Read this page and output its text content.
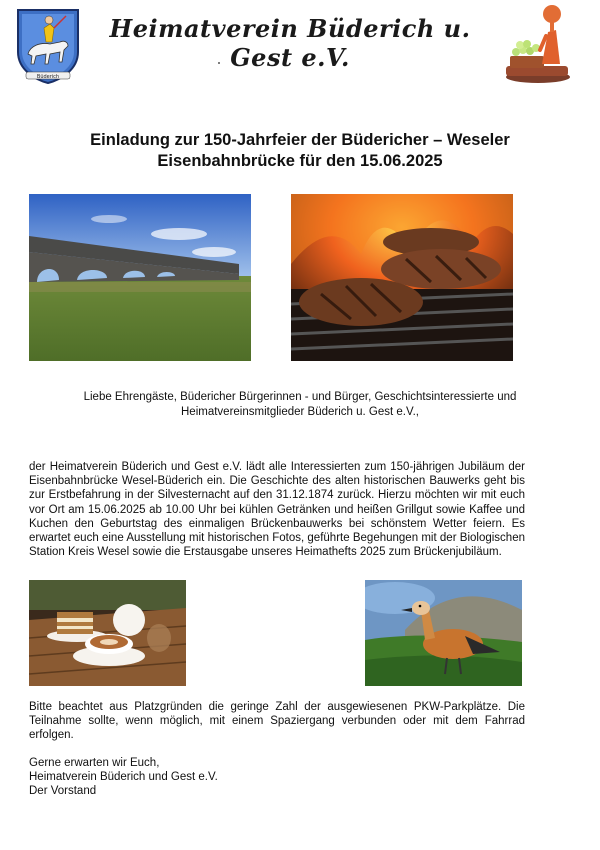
Büderich
Heimatverein Büderich u. Gest e.V.
Einladung zur 150-Jahrfeier der Büdericher – Weseler
Eisenbahnbrücke für den 15.06.2025
Liebe Ehrengäste, Büdericher Bürgerinnen - und Bürger, Geschichtsinteressierte und
Heimatvereinsmitglieder Büderich u. Gest e.V.,

der Heimatverein Büderich und Gest e.V. lädt alle Interessierten zum 150-jährigen Jubiläum der Eisenbahnbrücke Wesel-Büderich ein. Die Geschichte des alten historischen Bauwerks geht bis zur Erstbefahrung in der Silvesternacht auf den 31.12.1874 zurück. Hierzu möchten wir mit euch vor Ort am 15.06.2025 ab 10.00 Uhr bei kühlen Getränken und heißen Grillgut sowie Kaffee und Kuchen den Geburtstag des einmaligen Brückenbauwerks bei schönstem Wetter feiern. Es erwartet euch eine Ausstellung mit historischen Fotos, geführte Begehungen mit der Biologischen Station Kreis Wesel sowie die Erstausgabe unseres Heimathefts 2025 zum Brückenjubiläum.

Bitte beachtet aus Platzgründen die geringe Zahl der ausgewiesenen PKW-Parkplätze. Die Teilnahme sollte, wenn möglich, mit einem Spaziergang verbunden oder mit dem Fahrrad erfolgen.

Gerne erwarten wir Euch,
Heimatverein Büderich und Gest e.V.
Der Vorstand
